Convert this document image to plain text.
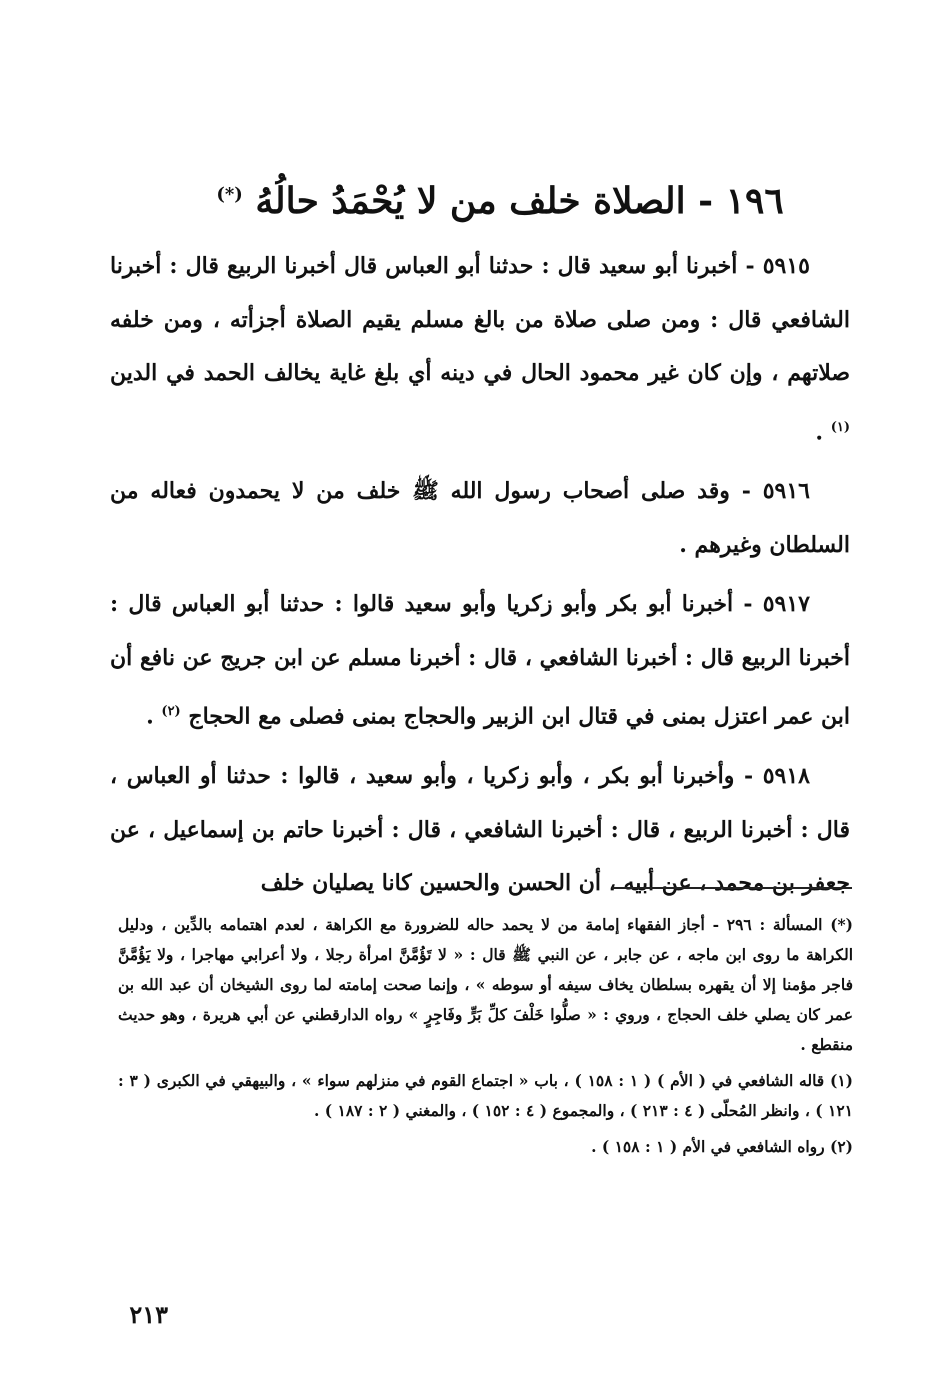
١٩٦ - الصلاة خلف من لا يُحْمَدُ حالُهُ (*)

٥٩١٥ - أخبرنا أبو سعيد قال : حدثنا أبو العباس قال أخبرنا الربيع قال : أخبرنا الشافعي قال : ومن صلى صلاة من بالغ مسلم يقيم الصلاة أجزأته ، ومن خلفه صلاتهم ، وإن كان غير محمود الحال في دينه أي بلغ غاية يخالف الحمد في الدين $^{(١)}$ .

٥٩١٦ - وقد صلى أصحاب رسول الله ﷺ خلف من لا يحمدون فعاله من السلطان وغيرهم .

٥٩١٧ - أخبرنا أبو بكر وأبو زكريا وأبو سعيد قالوا : حدثنا أبو العباس قال : أخبرنا الربيع قال : أخبرنا الشافعي ، قال : أخبرنا مسلم عن ابن جريج عن نافع أن ابن عمر اعتزل بمنى في قتال ابن الزبير والحجاج بمنى فصلى مع الحجاج $^{(٢)}$ .

٥٩١٨ - وأخبرنا أبو بكر ، وأبو زكريا ، وأبو سعيد ، قالوا : حدثنا أو العباس ، قال : أخبرنا الربيع ، قال : أخبرنا الشافعي ، قال : أخبرنا حاتم بن إسماعيل ، عن جعفر بن محمد ، عن أبيه ، أن الحسن والحسين كانا يصليان خلف

(*) المسألة : ٢٩٦ - أجاز الفقهاء إمامة من لا يحمد حاله للضرورة مع الكراهة ، لعدم اهتمامه بالدِّين ، ودليل الكراهة ما روى ابن ماجه ، عن جابر ، عن النبي ﷺ قال : « لا تَؤُمَّنَّ امرأة رجلا ، ولا أعرابي مهاجرا ، ولا يَؤُمَّنَّ فاجر مؤمنا إلا أن يقهره بسلطان يخاف سيفه أو سوطه » ، وإنما صحت إمامته لما روى الشيخان أن عبد الله بن عمر كان يصلي خلف الحجاج ، وروي : « صلُّوا خَلْفَ كلِّ بَرٍّ وفَاجِرٍ » رواه الدارقطني عن أبي هريرة ، وهو حديث منقطع .

(١) قاله الشافعي في ( الأم ) ( ١ : ١٥٨ ) ، باب « اجتماع القوم في منزلهم سواء » ، والبيهقي في الكبرى ( ٣ : ١٢١ ) ، وانظر المُحلّى ( ٤ : ٢١٣ ) ، والمجموع ( ٤ : ١٥٢ ) ، والمغني ( ٢ : ١٨٧ ) .

(٢) رواه الشافعي في الأم ( ١ : ١٥٨ ) .

٢١٣
